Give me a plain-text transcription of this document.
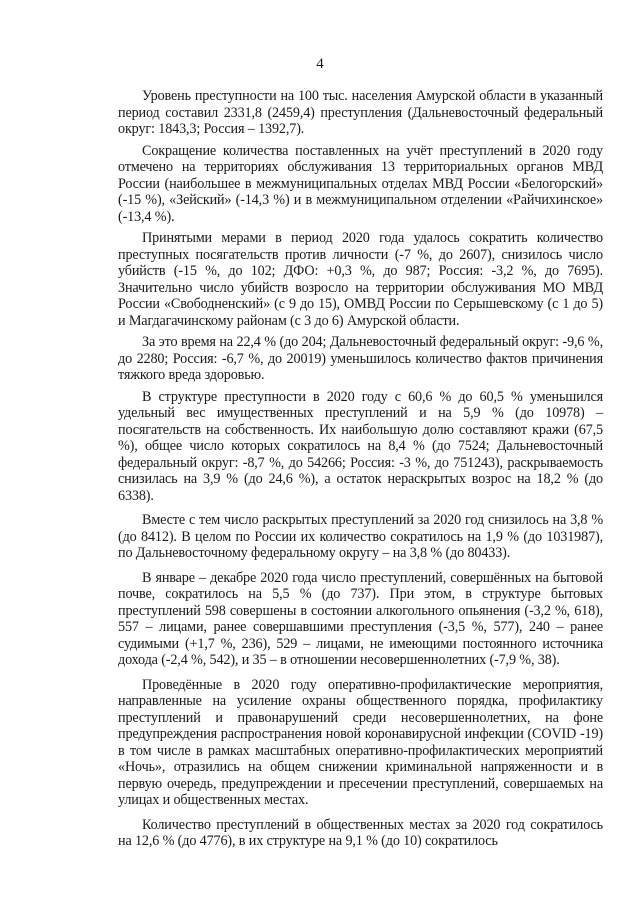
4

Уровень преступности на 100 тыс. населения Амурской области в указанный период составил 2331,8 (2459,4) преступления (Дальневосточный федеральный округ: 1843,3; Россия – 1392,7).

Сокращение количества поставленных на учёт преступлений в 2020 году отмечено на территориях обслуживания 13 территориальных органов МВД России (наибольшее в межмуниципальных отделах МВД России «Белогорский» (-15 %), «Зейский» (-14,3 %) и в межмуниципальном отделении «Райчихинское» (-13,4 %).

Принятыми мерами в период 2020 года удалось сократить количество преступных посягательств против личности (-7 %, до 2607), снизилось число убийств (-15 %, до 102; ДФО: +0,3 %, до 987; Россия: -3,2 %, до 7695). Значительно число убийств возросло на территории обслуживания МО МВД России «Свободненский» (с 9 до 15), ОМВД России по Серышевскому (с 1 до 5) и Магдагачинскому районам (с 3 до 6) Амурской области.

За это время на 22,4 % (до 204; Дальневосточный федеральный округ: -9,6 %, до 2280; Россия: -6,7 %, до 20019) уменьшилось количество фактов причинения тяжкого вреда здоровью.

В структуре преступности в 2020 году с 60,6 % до 60,5 % уменьшился удельный вес имущественных преступлений и на 5,9 % (до 10978) – посягательств на собственность. Их наибольшую долю составляют кражи (67,5 %), общее число которых сократилось на 8,4 % (до 7524; Дальневосточный федеральный округ: -8,7 %, до 54266; Россия: -3 %, до 751243), раскрываемость снизилась на 3,9 % (до 24,6 %), а остаток нераскрытых возрос на 18,2 % (до 6338).

Вместе с тем число раскрытых преступлений за 2020 год снизилось на 3,8 % (до 8412). В целом по России их количество сократилось на 1,9 % (до 1031987), по Дальневосточному федеральному округу – на 3,8 % (до 80433).

В январе – декабре 2020 года число преступлений, совершённых на бытовой почве, сократилось на 5,5 % (до 737). При этом, в структуре бытовых преступлений 598 совершены в состоянии алкогольного опьянения (-3,2 %, 618), 557 – лицами, ранее совершавшими преступления (-3,5 %, 577), 240 – ранее судимыми (+1,7 %, 236), 529 – лицами, не имеющими постоянного источника дохода (-2,4 %, 542), и 35 – в отношении несовершеннолетних (-7,9 %, 38).

Проведённые в 2020 году оперативно-профилактические мероприятия, направленные на усиление охраны общественного порядка, профилактику преступлений и правонарушений среди несовершеннолетних, на фоне предупреждения распространения новой коронавирусной инфекции (COVID -19) в том числе в рамках масштабных оперативно-профилактических мероприятий «Ночь», отразились на общем снижении криминальной напряженности и в первую очередь, предупреждении и пресечении преступлений, совершаемых на улицах и общественных местах.

Количество преступлений в общественных местах за 2020 год сократилось на 12,6 % (до 4776), в их структуре на 9,1 % (до 10) сократилось
